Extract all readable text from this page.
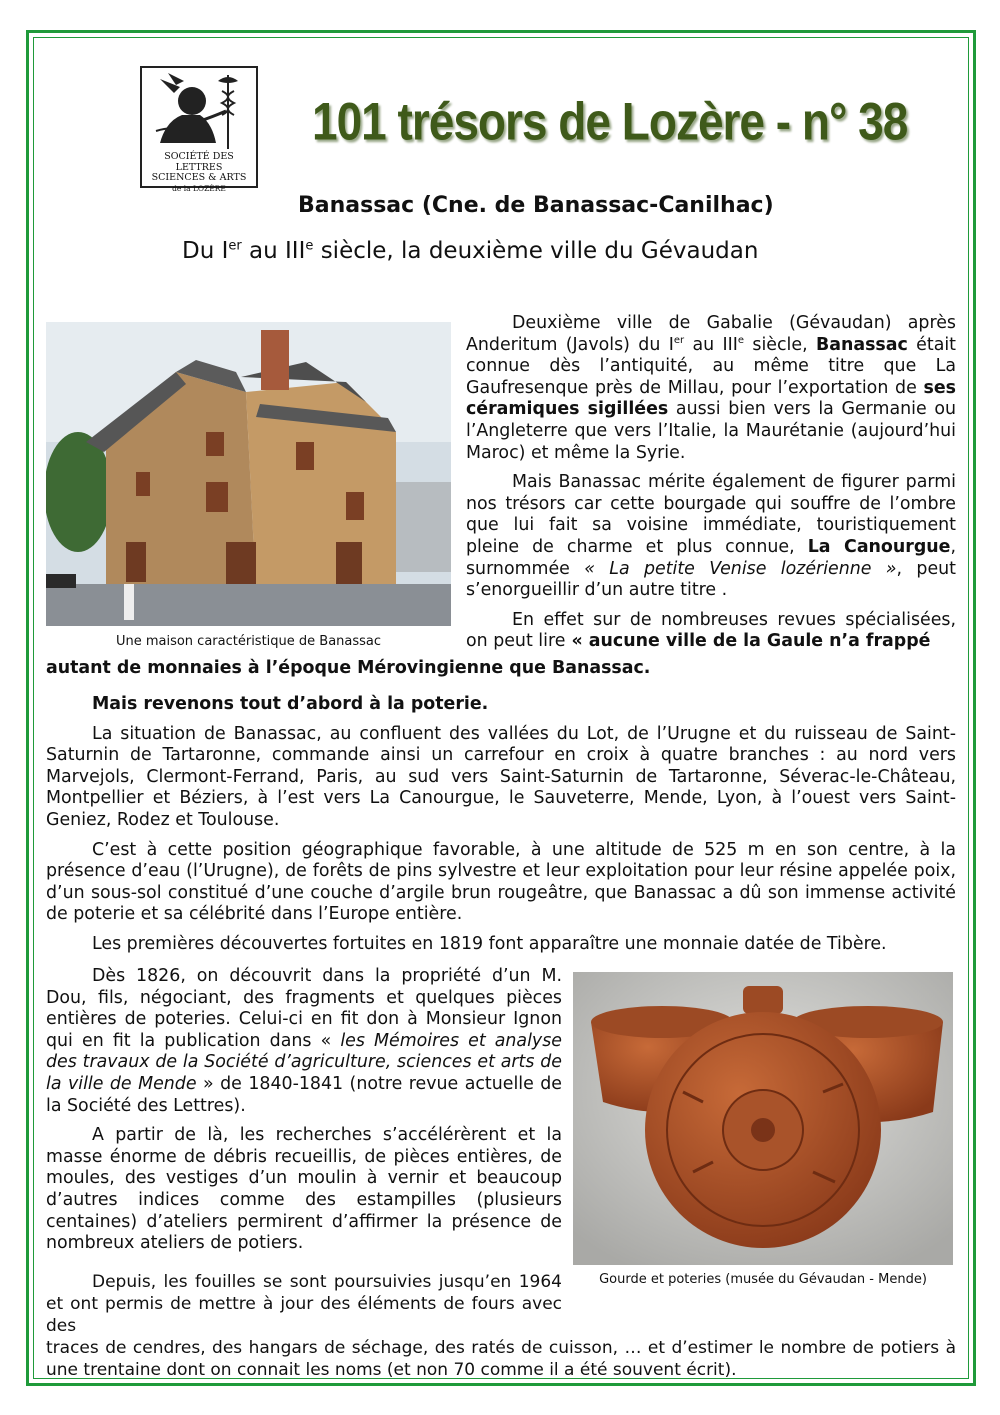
SOCIÉTÉ DES LETTRES
SCIENCES & ARTS
de la LOZÈRE
101 trésors de Lozère - n° 38
Banassac (Cne. de Banassac-Canilhac)
Du Ier au IIIe siècle, la deuxième ville du Gévaudan
Une maison caractéristique de Banassac

Deuxième ville de Gabalie (Gévaudan) après Anderitum (Javols) du Ier au IIIe siècle, Banassac était connue dès l’antiquité, au même titre que La Gaufresenque près de Millau, pour l’exportation de ses céramiques sigillées aussi bien vers la Germanie ou l’Angleterre que vers l’Italie, la Maurétanie (aujourd’hui Maroc) et même la Syrie.

Mais Banassac mérite également de figurer parmi nos trésors car cette bourgade qui souffre de l’ombre que lui fait sa voisine immédiate, touristiquement pleine de charme et plus connue, La Canourgue, surnommée « La petite Venise lozérienne », peut s’enorgueillir d’un autre titre .

En effet sur de nombreuses revues spécialisées, on peut lire « aucune ville de la Gaule n’a frappé

autant de monnaies à l’époque Mérovingienne que Banassac.

Mais revenons tout d’abord à la poterie.

La situation de Banassac, au confluent des vallées du Lot, de l’Urugne et du ruisseau de Saint-Saturnin de Tartaronne, commande ainsi un carrefour en croix à quatre branches : au nord vers Marvejols, Clermont-Ferrand, Paris, au sud vers Saint-Saturnin de Tartaronne, Séverac-le-Château, Montpellier et Béziers, à l’est vers La Canourgue, le Sauveterre, Mende, Lyon, à l’ouest vers Saint-Geniez, Rodez et Toulouse.

C’est à cette position géographique favorable, à une altitude de 525 m en son centre, à la présence d’eau (l’Urugne), de forêts de pins sylvestre et leur exploitation pour leur résine appelée poix, d’un sous-sol constitué d’une couche d’argile brun rougeâtre, que Banassac a dû son immense activité de poterie et sa célébrité dans l’Europe entière.

Les premières découvertes fortuites en 1819 font apparaître une monnaie datée de Tibère.

Dès 1826, on découvrit dans la propriété d’un M. Dou, fils, négociant, des fragments et quelques pièces entières de poteries. Celui-ci en fit don à Monsieur Ignon qui en fit la publication dans « les Mémoires et analyse des travaux de la Société d’agriculture, sciences et arts de la ville de Mende » de 1840-1841 (notre revue actuelle de la Société des Lettres).

A partir de là, les recherches s’accélérèrent et la masse énorme de débris recueillis, de pièces entières, de moules, des vestiges d’un moulin à vernir et beaucoup d’autres indices comme des estampilles (plusieurs centaines) d’ateliers permirent d’affirmer la présence de nombreux ateliers de potiers.

Gourde et poteries (musée du Gévaudan - Mende)
Depuis, les fouilles se sont poursuivies jusqu’en 1964 et ont permis de mettre à jour des éléments de fours avec des
traces de cendres, des hangars de séchage, des ratés de cuisson, … et d’estimer le nombre de potiers à une trentaine dont on connait les noms (et non 70 comme il a été souvent écrit).
